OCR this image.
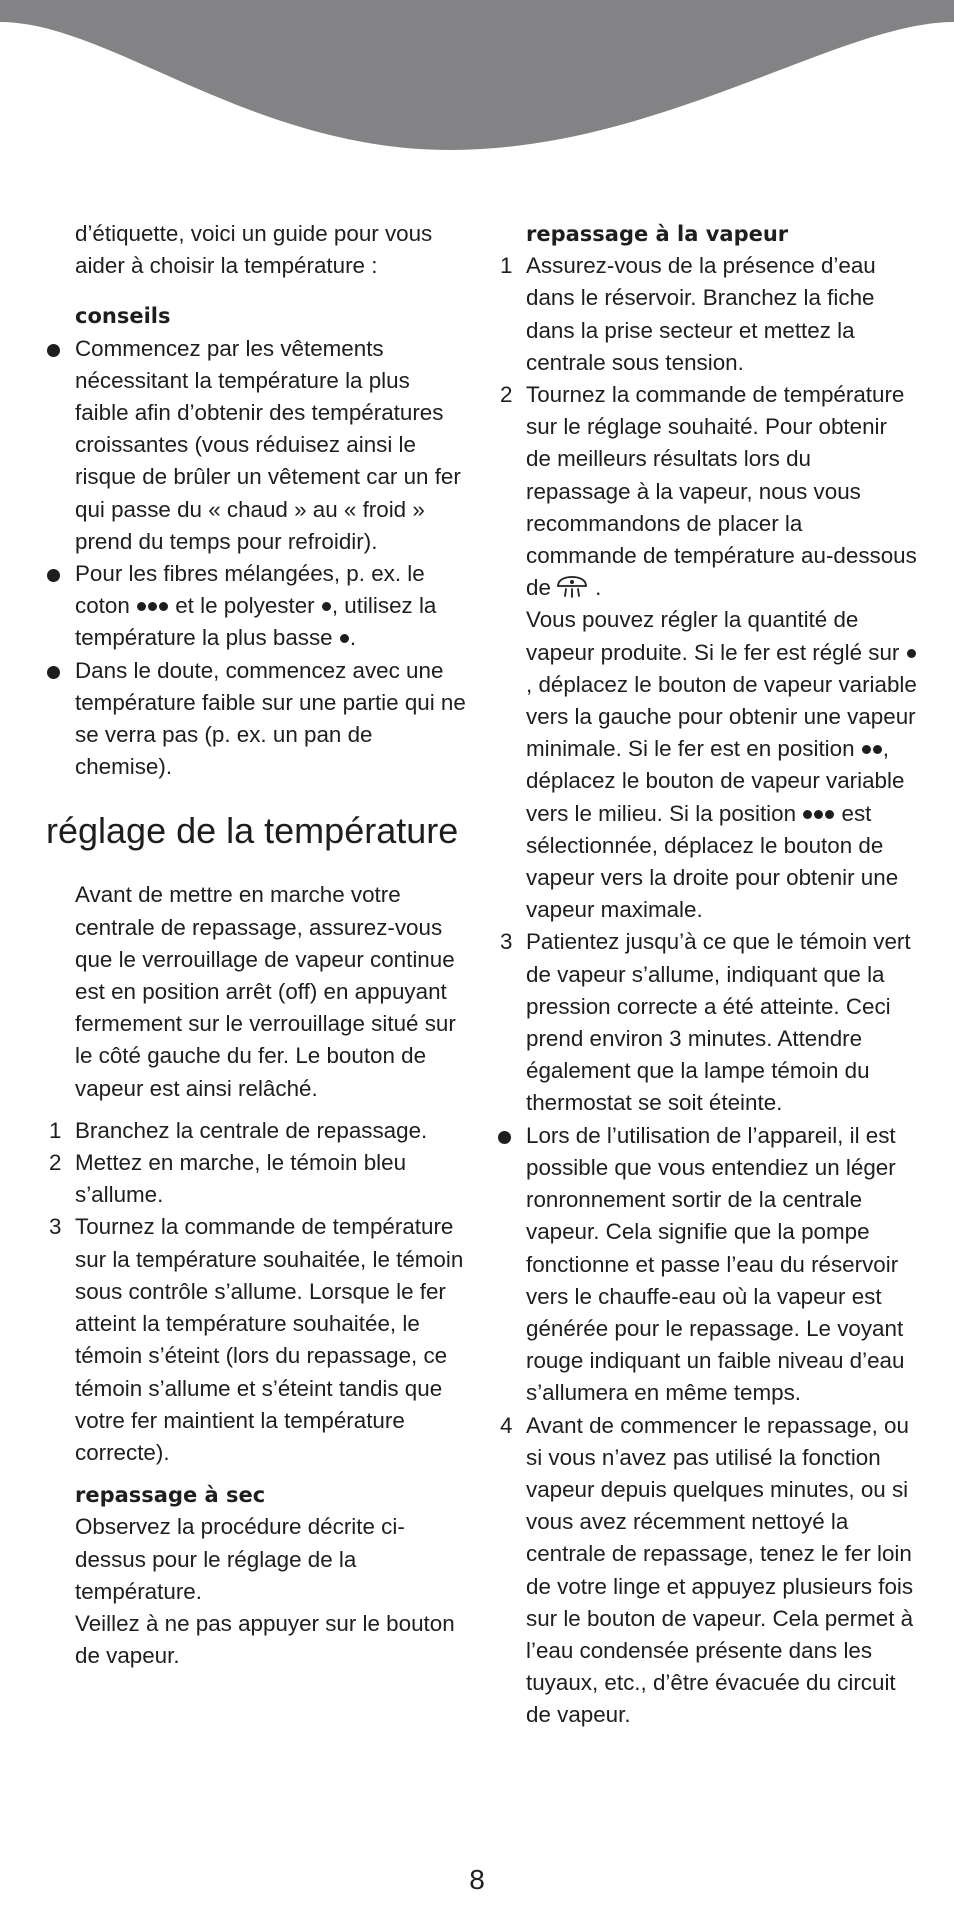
d’étiquette, voici un guide pour vous aider à choisir la température :
conseils
Commencez par les vêtements nécessitant la température la plus faible afin d’obtenir des températures croissantes (vous réduisez ainsi le risque de brûler un vêtement car un fer qui passe du « chaud » au « froid » prend du temps pour refroidir).
Pour les fibres mélangées, p. ex. le coton  et le polyester , utilisez la température la plus basse .
Dans le doute, commencez avec une température faible sur une partie qui ne se verra pas (p. ex. un pan de chemise).
réglage de la température
Avant de mettre en marche votre centrale de repassage, assurez-vous que le verrouillage de vapeur continue est en position arrêt (off) en appuyant fermement sur le verrouillage situé sur le côté gauche du fer. Le bouton de vapeur est ainsi relâché.
1 Branchez la centrale de repassage.
2 Mettez en marche, le témoin bleu s’allume.
3 Tournez la commande de température sur la température souhaitée, le témoin sous contrôle s’allume. Lorsque le fer atteint la température souhaitée, le témoin s’éteint (lors du repassage, ce témoin s’allume et s’éteint tandis que votre fer maintient la température correcte).
repassage à sec
Observez la procédure décrite ci-dessus pour le réglage de la température.
Veillez à ne pas appuyer sur le bouton de vapeur.
repassage à la vapeur
1 Assurez-vous de la présence d’eau dans le réservoir. Branchez la fiche dans la prise secteur et mettez la centrale sous tension.
2 Tournez la commande de température sur le réglage souhaité. Pour obtenir de meilleurs résultats lors du repassage à la vapeur, nous vous recommandons de placer la commande de température au-dessous de .
Vous pouvez régler la quantité de vapeur produite. Si le fer est réglé sur , déplacez le bouton de vapeur variable vers la gauche pour obtenir une vapeur minimale. Si le fer est en position , déplacez le bouton de vapeur variable vers le milieu. Si la position  est sélectionnée, déplacez le bouton de vapeur vers la droite pour obtenir une vapeur maximale.
3 Patientez jusqu’à ce que le témoin vert de vapeur s’allume, indiquant que la pression correcte a été atteinte. Ceci prend environ 3 minutes. Attendre également que la lampe témoin du thermostat se soit éteinte.
Lors de l’utilisation de l’appareil, il est possible que vous entendiez un léger ronronnement sortir de la centrale vapeur. Cela signifie que la pompe fonctionne et passe l’eau du réservoir vers le chauffe-eau où la vapeur est générée pour le repassage. Le voyant rouge indiquant un faible niveau d’eau s’allumera en même temps.
4 Avant de commencer le repassage, ou si vous n’avez pas utilisé la fonction vapeur depuis quelques minutes, ou si vous avez récemment nettoyé la centrale de repassage, tenez le fer loin de votre linge et appuyez plusieurs fois sur le bouton de vapeur. Cela permet à l’eau condensée présente dans les tuyaux, etc., d’être évacuée du circuit de vapeur.
8
